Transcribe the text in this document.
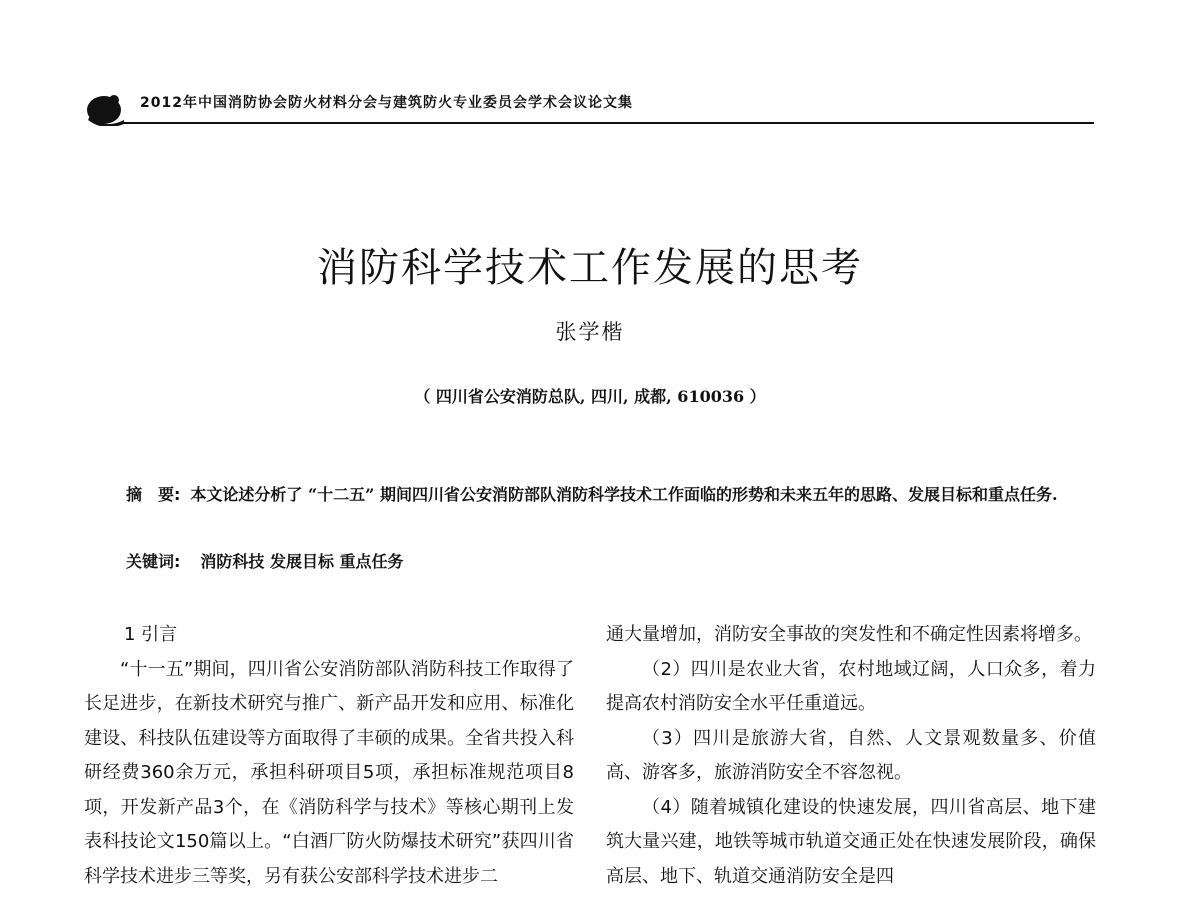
2012年中国消防协会防火材料分会与建筑防火专业委员会学术会议论文集
消防科学技术工作发展的思考
张学楷
（ 四川省公安消防总队, 四川, 成都, 610036 ）
摘　要: 本文论述分析了 “十二五” 期间四川省公安消防部队消防科学技术工作面临的形势和未来五年的思路、发展目标和重点任务.
关键词: 消防科技 发展目标 重点任务

1 引言

“十一五”期间，四川省公安消防部队消防科技工作取得了长足进步，在新技术研究与推广、新产品开发和应用、标准化建设、科技队伍建设等方面取得了丰硕的成果。全省共投入科研经费360余万元，承担科研项目5项，承担标准规范项目8项，开发新产品3个，在《消防科学与技术》等核心期刊上发表科技论文150篇以上。“白酒厂防火防爆技术研究”获四川省科学技术进步三等奖，另有获公安部科学技术进步二

通大量增加，消防安全事故的突发性和不确定性因素将增多。

（2）四川是农业大省，农村地域辽阔，人口众多，着力提高农村消防安全水平任重道远。

（3）四川是旅游大省，自然、人文景观数量多、价值高、游客多，旅游消防安全不容忽视。

（4）随着城镇化建设的快速发展，四川省高层、地下建筑大量兴建，地铁等城市轨道交通正处在快速发展阶段，确保高层、地下、轨道交通消防安全是四
